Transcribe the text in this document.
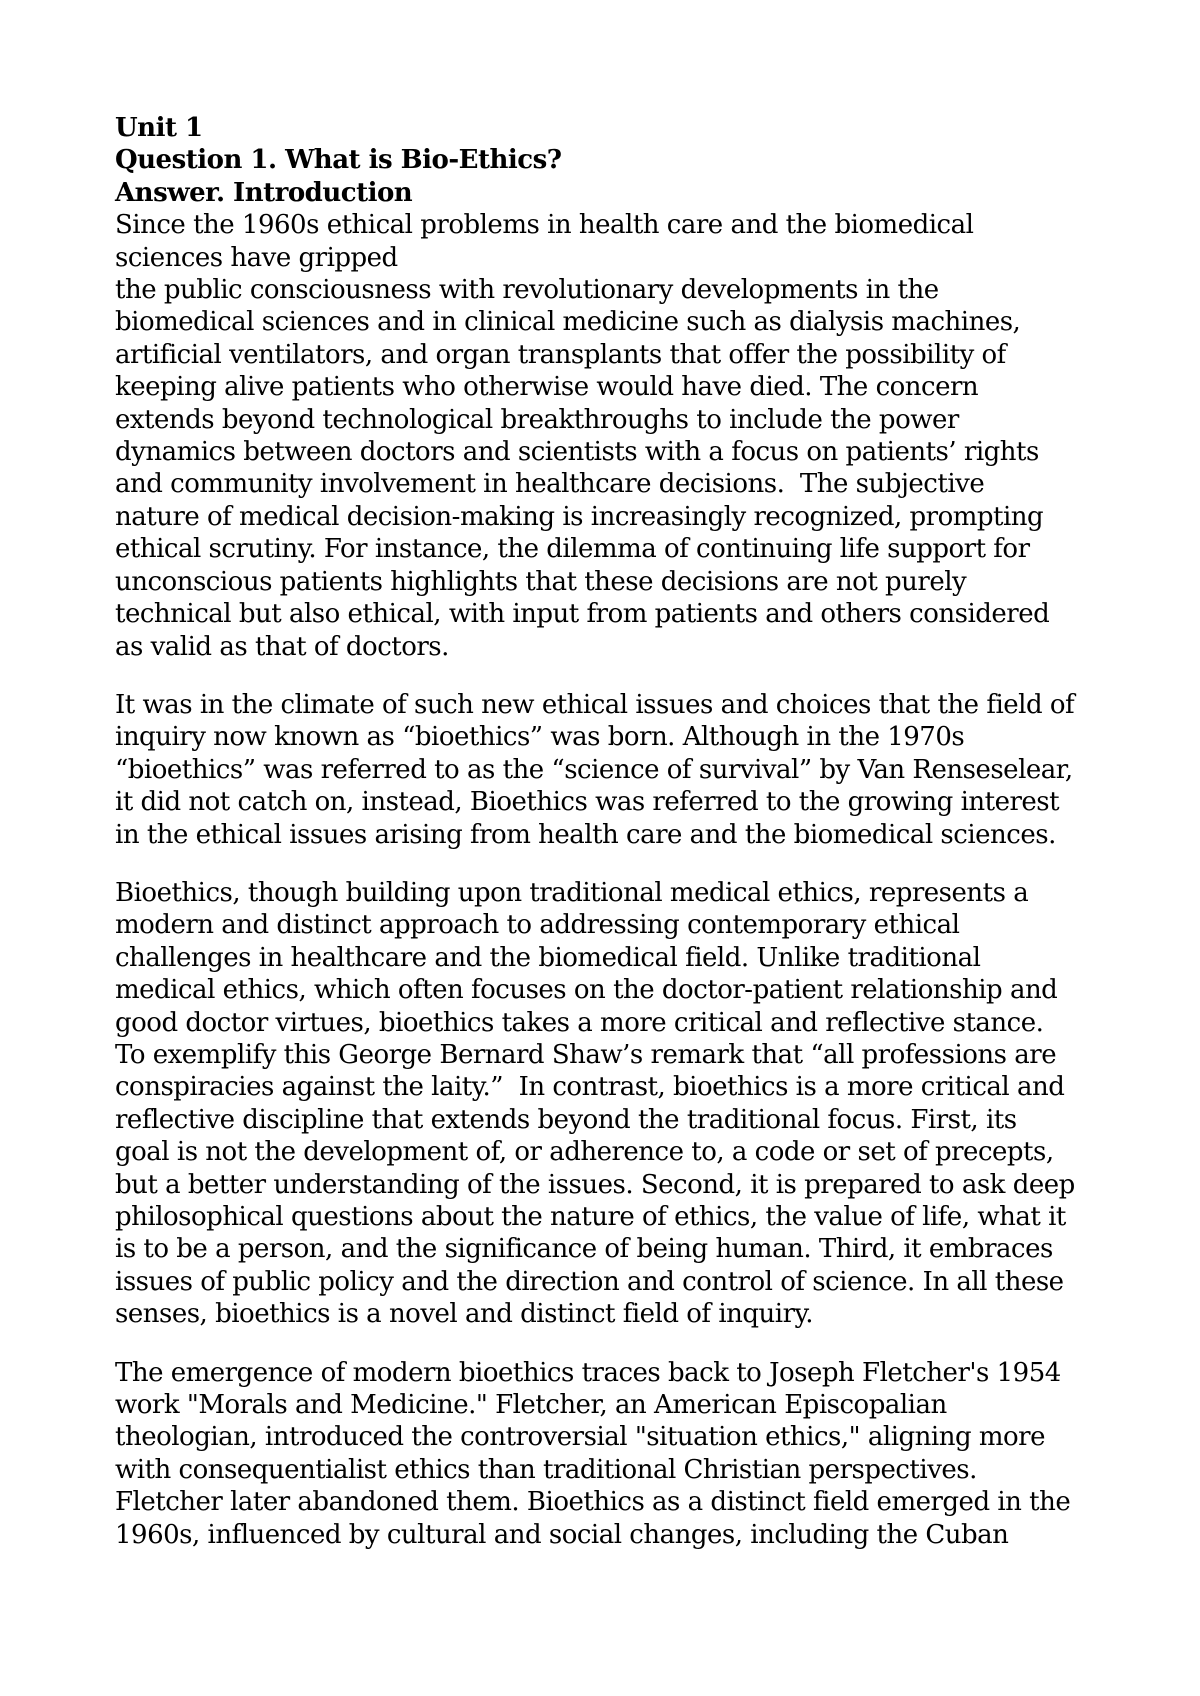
Unit 1
Question 1. What is Bio-Ethics?
Answer. Introduction
Since the 1960s ethical problems in health care and the biomedical
sciences have gripped
the public consciousness with revolutionary developments in the
biomedical sciences and in clinical medicine such as dialysis machines,
artificial ventilators, and organ transplants that offer the possibility of
keeping alive patients who otherwise would have died. The concern
extends beyond technological breakthroughs to include the power
dynamics between doctors and scientists with a focus on patients’ rights
and community involvement in healthcare decisions.  The subjective
nature of medical decision-making is increasingly recognized, prompting
ethical scrutiny. For instance, the dilemma of continuing life support for
unconscious patients highlights that these decisions are not purely
technical but also ethical, with input from patients and others considered
as valid as that of doctors.
It was in the climate of such new ethical issues and choices that the field of
inquiry now known as “bioethics” was born. Although in the 1970s
“bioethics” was referred to as the “science of survival” by Van Renseselear,
it did not catch on, instead, Bioethics was referred to the growing interest
in the ethical issues arising from health care and the biomedical sciences.
Bioethics, though building upon traditional medical ethics, represents a
modern and distinct approach to addressing contemporary ethical
challenges in healthcare and the biomedical field. Unlike traditional
medical ethics, which often focuses on the doctor-patient relationship and
good doctor virtues, bioethics takes a more critical and reflective stance.
To exemplify this George Bernard Shaw’s remark that “all professions are
conspiracies against the laity.”  In contrast, bioethics is a more critical and
reflective discipline that extends beyond the traditional focus. First, its
goal is not the development of, or adherence to, a code or set of precepts,
but a better understanding of the issues. Second, it is prepared to ask deep
philosophical questions about the nature of ethics, the value of life, what it
is to be a person, and the significance of being human. Third, it embraces
issues of public policy and the direction and control of science. In all these
senses, bioethics is a novel and distinct field of inquiry.
The emergence of modern bioethics traces back to Joseph Fletcher's 1954
work "Morals and Medicine." Fletcher, an American Episcopalian
theologian, introduced the controversial "situation ethics," aligning more
with consequentialist ethics than traditional Christian perspectives.
Fletcher later abandoned them. Bioethics as a distinct field emerged in the
1960s, influenced by cultural and social changes, including the Cuban
